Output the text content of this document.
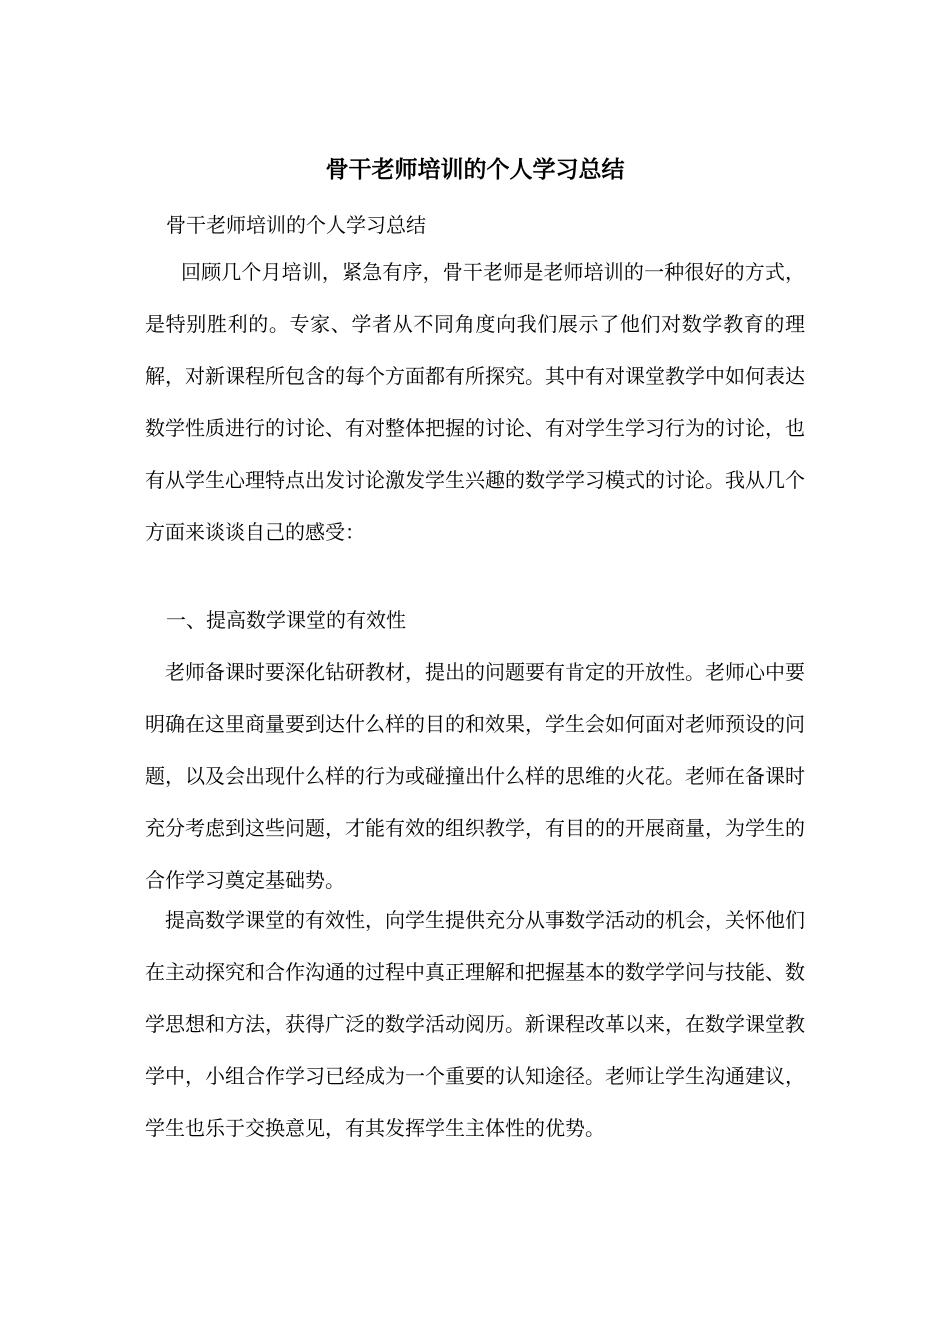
骨干老师培训的个人学习总结

骨干老师培训的个人学习总结

回顾几个月培训，紧急有序，骨干老师是老师培训的一种很好的方式，是特别胜利的。专家、学者从不同角度向我们展示了他们对数学教育的理解，对新课程所包含的每个方面都有所探究。其中有对课堂教学中如何表达数学性质进行的讨论、有对整体把握的讨论、有对学生学习行为的讨论，也有从学生心理特点出发讨论激发学生兴趣的数学学习模式的讨论。我从几个方面来谈谈自己的感受：

一、提高数学课堂的有效性

老师备课时要深化钻研教材，提出的问题要有肯定的开放性。老师心中要明确在这里商量要到达什么样的目的和效果，学生会如何面对老师预设的问题，以及会出现什么样的行为或碰撞出什么样的思维的火花。老师在备课时充分考虑到这些问题，才能有效的组织教学，有目的的开展商量，为学生的合作学习奠定基础势。

提高数学课堂的有效性，向学生提供充分从事数学活动的机会，关怀他们在主动探究和合作沟通的过程中真正理解和把握基本的数学学问与技能、数学思想和方法，获得广泛的数学活动阅历。新课程改革以来，在数学课堂教学中，小组合作学习已经成为一个重要的认知途径。老师让学生沟通建议，学生也乐于交换意见，有其发挥学生主体性的优势。
